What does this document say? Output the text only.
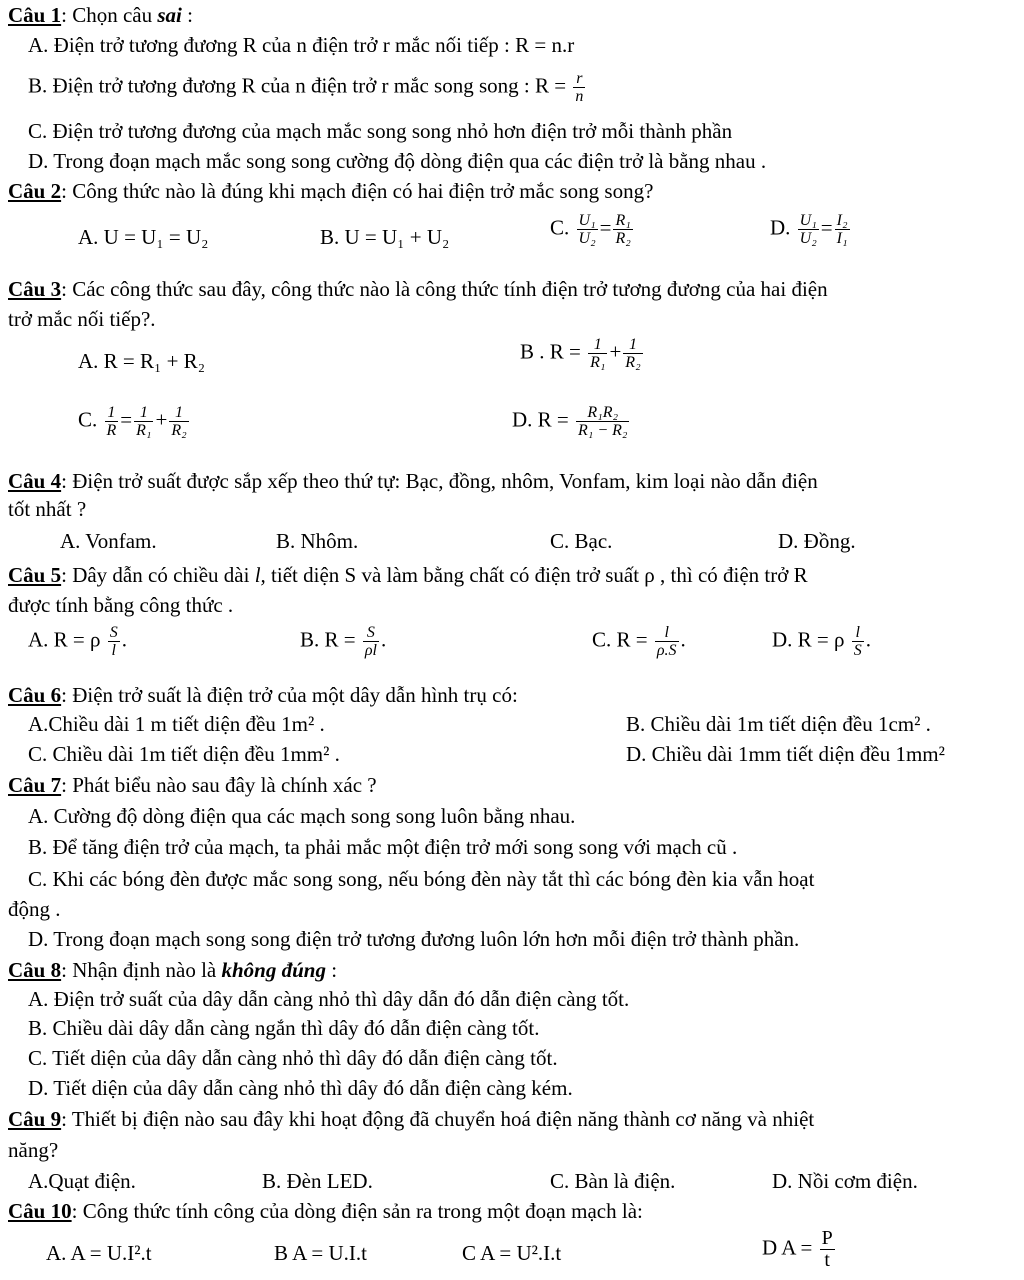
Câu 1: Chọn câu sai :
A. Điện trở tương đương R của n điện trở r mắc nối tiếp : R = n.r
B. Điện trở tương đương R của n điện trở r mắc song song : $R = \frac{r}{n}$
C. Điện trở tương đương của mạch mắc song song nhỏ hơn điện trở mỗi thành phần
D. Trong đoạn mạch mắc song song cường độ dòng điện qua các điện trở là bằng nhau .
Câu 2: Công thức nào là đúng khi mạch điện có hai điện trở mắc song song?
A. U = U₁ = U₂	B. U = U₁ + U₂	C. $\frac{\text{U₁}}{\text{U₂}} = \frac{\text{R₁}}{\text{R₂}}$	D. $\frac{\text{U₁}}{\text{U₂}} = \frac{\text{I₂}}{\text{I₁}}$
Câu 3: Các công thức sau đây, công thức nào là công thức tính điện trở tương đương của hai điện
trở mắc nối tiếp?.
A. R = R₁ + R₂	B . $R = \frac{1}{\text{R₁}} + \frac{1}{\text{R₂}}$
C. $\frac{1}{R} = \frac{1}{\text{R₁}} + \frac{1}{\text{R₂}}$	D. $R = \frac{\text{R₁R₂}}{\text{R₁ − R₂}}$
Câu 4: Điện trở suất được sắp xếp theo thứ tự: Bạc, đồng, nhôm, Vonfam, kim loại nào dẫn điện
tốt nhất ?
A. Vonfam.	B. Nhôm.	C. Bạc.	D. Đồng.
Câu 5: Dây dẫn có chiều dài l, tiết diện S và làm bằng chất có điện trở suất ρ , thì có điện trở R
được tính bằng công thức .
A. R = ρ $\frac{S}{l}$ .	B. $R = \frac{S}{\rho l}$ .	C. $R = \frac{l}{\rho.S}$ .	D. R = ρ $\frac{l}{S}$ .
Câu 6: Điện trở suất là điện trở của một dây dẫn hình trụ có:
A.Chiều dài 1 m tiết diện đều 1m² .	B. Chiều dài 1m tiết diện đều 1cm² .
C. Chiều dài 1m tiết diện đều 1mm² .	D. Chiều dài 1mm tiết diện đều 1mm²
Câu 7: Phát biểu nào sau đây là chính xác ?
A. Cường độ dòng điện qua các mạch song song luôn bằng nhau.
B. Để tăng điện trở của mạch, ta phải mắc một điện trở mới song song với mạch cũ .
C. Khi các bóng đèn được mắc song song, nếu bóng đèn này tắt thì các bóng đèn kia vẫn hoạt
động .
D. Trong đoạn mạch song song điện trở tương đương luôn lớn hơn mỗi điện trở thành phần.
Câu 8: Nhận định nào là không đúng :
A. Điện trở suất của dây dẫn càng nhỏ thì dây dẫn đó dẫn điện càng tốt.
B. Chiều dài dây dẫn càng ngắn thì dây đó dẫn điện càng tốt.
C. Tiết diện của dây dẫn càng nhỏ thì dây đó dẫn điện càng tốt.
D. Tiết diện của dây dẫn càng nhỏ thì dây đó dẫn điện càng kém.
Câu 9: Thiết bị điện nào sau đây khi hoạt động đã chuyển hoá điện năng thành cơ năng và nhiệt
năng?
A.Quạt điện.	B. Đèn LED.	C. Bàn là điện.	D. Nồi cơm điện.
Câu 10: Công thức tính công của dòng điện sản ra trong một đoạn mạch là:
A. A = U.I².t	B A = U.I.t	C A = U².I.t	D $A = \frac{P}{t}$
